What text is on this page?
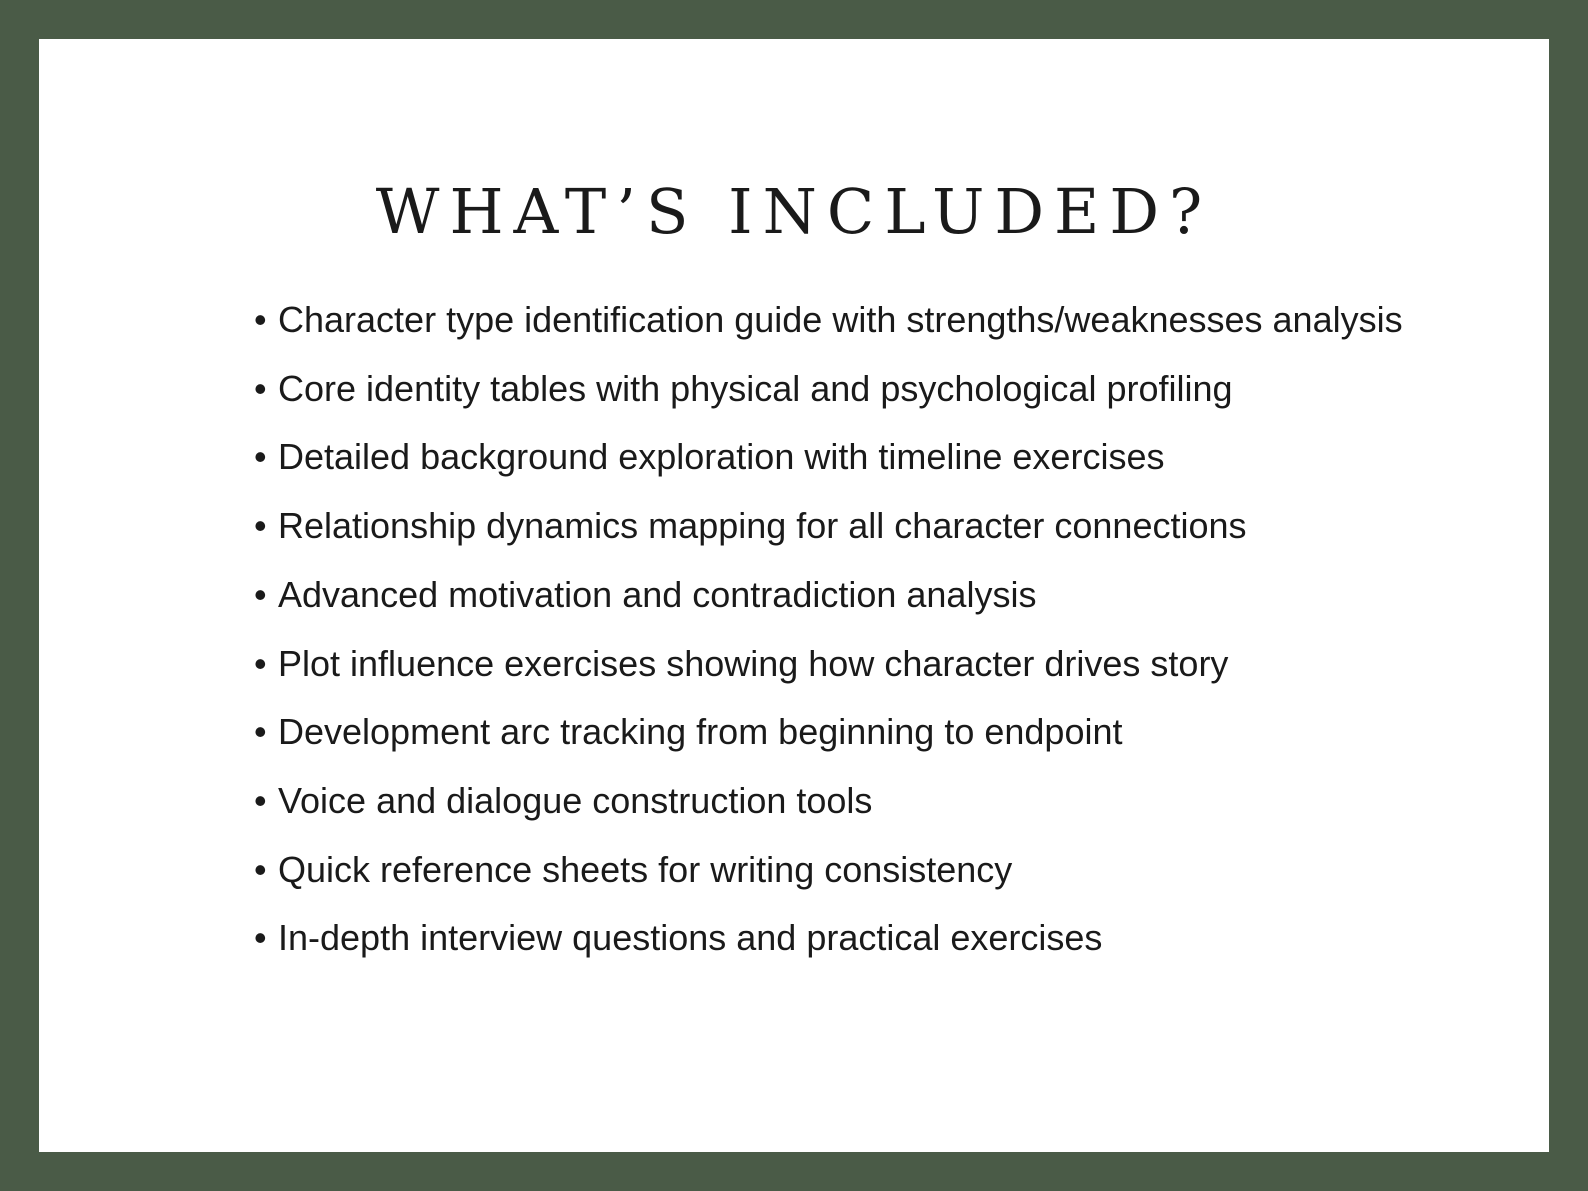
WHAT’S INCLUDED?
• Character type identification guide with strengths/weaknesses analysis
• Core identity tables with physical and psychological profiling
• Detailed background exploration with timeline exercises
• Relationship dynamics mapping for all character connections
• Advanced motivation and contradiction analysis
• Plot influence exercises showing how character drives story
• Development arc tracking from beginning to endpoint
• Voice and dialogue construction tools
• Quick reference sheets for writing consistency
• In-depth interview questions and practical exercises
